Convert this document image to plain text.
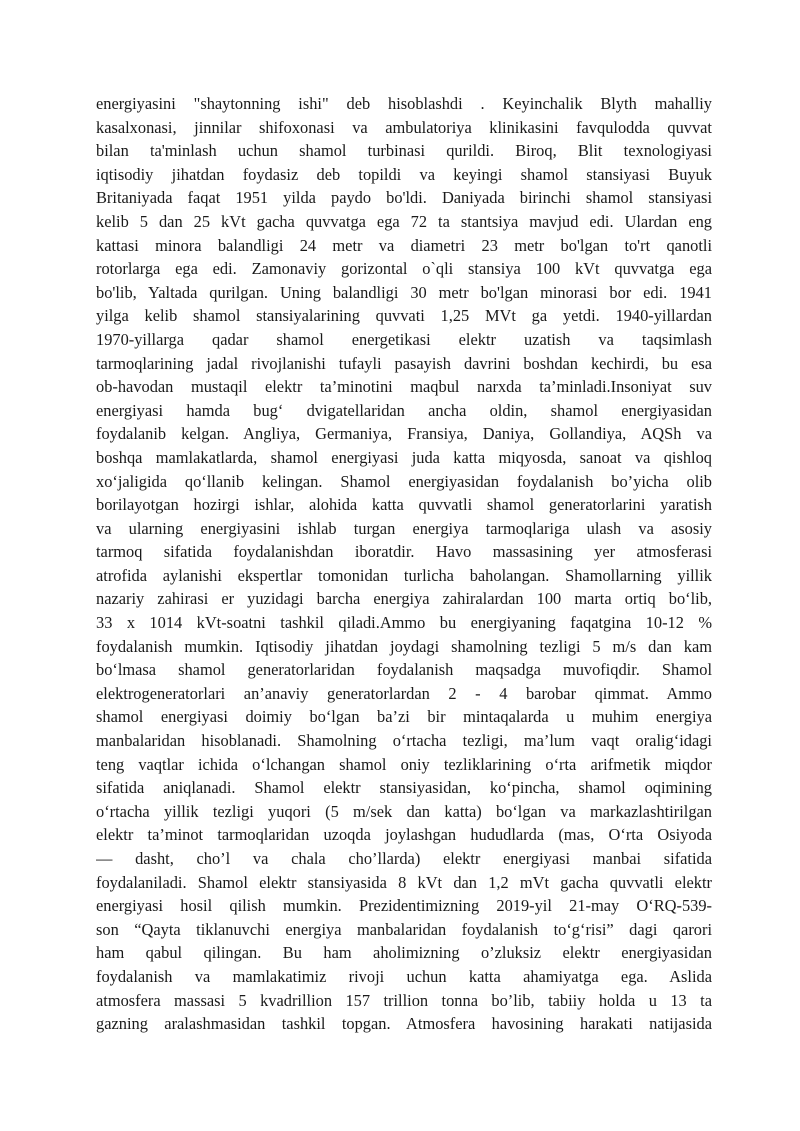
energiyasini "shaytonning ishi" deb hisoblashdi . Keyinchalik Blyth mahalliy
kasalxonasi, jinnilar shifoxonasi va ambulatoriya klinikasini favqulodda quvvat
bilan ta'minlash uchun shamol turbinasi qurildi. Biroq, Blit texnologiyasi
iqtisodiy jihatdan foydasiz deb topildi va keyingi shamol stansiyasi Buyuk
Britaniyada faqat 1951 yilda paydo bo'ldi. Daniyada birinchi shamol stansiyasi
kelib 5 dan 25 kVt gacha quvvatga ega 72 ta stantsiya mavjud edi. Ulardan eng
kattasi minora balandligi 24 metr va diametri 23 metr bo'lgan to'rt qanotli
rotorlarga ega edi. Zamonaviy gorizontal o`qli stansiya 100 kVt quvvatga ega
bo'lib, Yaltada qurilgan. Uning balandligi 30 metr bo'lgan minorasi bor edi. 1941
yilga kelib shamol stansiyalarining quvvati 1,25 MVt ga yetdi. 1940-yillardan
1970-yillarga qadar shamol energetikasi elektr uzatish va taqsimlash
tarmoqlarining jadal rivojlanishi tufayli pasayish davrini boshdan kechirdi, bu esa
ob-havodan mustaqil elektr ta’minotini maqbul narxda ta’minladi.Insoniyat suv
energiyasi hamda bug‘ dvigatellaridan ancha oldin, shamol energiyasidan
foydalanib kelgan. Angliya, Germaniya, Fransiya, Daniya, Gollandiya, AQSh va
boshqa mamlakatlarda, shamol energiyasi juda katta miqyosda, sanoat va qishloq
xo‘jaligida qo‘llanib kelingan. Shamol energiyasidan foydalanish bo’yicha olib
borilayotgan hozirgi ishlar, alohida katta quvvatli shamol generatorlarini yaratish
va ularning energiyasini ishlab turgan energiya tarmoqlariga ulash va asosiy
tarmoq sifatida foydalanishdan iboratdir. Havo massasining yer atmosferasi
atrofida aylanishi ekspertlar tomonidan turlicha baholangan. Shamollarning yillik
nazariy zahirasi er yuzidagi barcha energiya zahiralardan 100 marta ortiq bo‘lib,
33 x 1014 kVt-soatni tashkil qiladi.Ammo bu energiyaning faqatgina 10-12 %
foydalanish mumkin. Iqtisodiy jihatdan joydagi shamolning tezligi 5 m/s dan kam
bo‘lmasa shamol generatorlaridan foydalanish maqsadga muvofiqdir. Shamol
elektrogeneratorlari an’anaviy generatorlardan 2 - 4 barobar qimmat. Ammo
shamol energiyasi doimiy bo‘lgan ba’zi bir mintaqalarda u muhim energiya
manbalaridan hisoblanadi. Shamolning o‘rtacha tezligi, ma’lum vaqt oralig‘idagi
teng vaqtlar ichida o‘lchangan shamol oniy tezliklarining o‘rta arifmetik miqdor
sifatida aniqlanadi. Shamol elektr stansiyasidan, ko‘pincha, shamol oqimining
o‘rtacha yillik tezligi yuqori (5 m/sek dan katta) bo‘lgan va markazlashtirilgan
elektr ta’minot tarmoqlaridan uzoqda joylashgan hududlarda (mas, O‘rta Osiyoda
— dasht, cho’l va chala cho’llarda) elektr energiyasi manbai sifatida
foydalaniladi. Shamol elektr stansiyasida 8 kVt dan 1,2 mVt gacha quvvatli elektr
energiyasi hosil qilish mumkin. Prezidentimizning 2019-yil 21-may O‘RQ-539-
son “Qayta tiklanuvchi energiya manbalaridan foydalanish to‘g‘risi” dagi qarori
ham qabul qilingan. Bu ham aholimizning o’zluksiz elektr energiyasidan
foydalanish va mamlakatimiz rivoji uchun katta ahamiyatga ega. Aslida
atmosfera massasi 5 kvadrillion 157 trillion tonna bo’lib, tabiiy holda u 13 ta
gazning aralashmasidan tashkil topgan. Atmosfera havosining harakati natijasida
